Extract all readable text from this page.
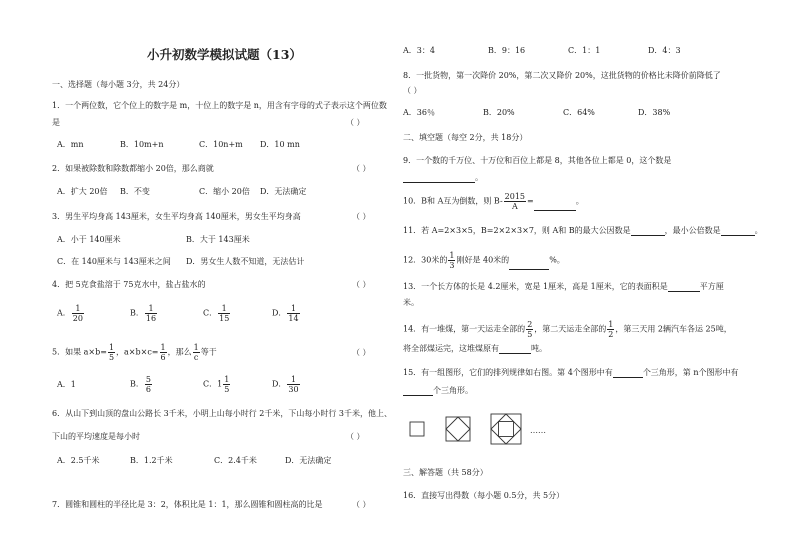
小升初数学模拟试题（13）
一、选择题（每小题 3分，共 24分）
1．一个两位数，它个位上的数字是 m，十位上的数字是 n，用含有字母的式子表示这个两位数
是	（ ）
A．mn	B．10m+n	C．10n+m D．10 mn
2．如果被除数和除数都缩小 20倍，那么商就	（ ）
A．扩大 20倍 B．不变	C．缩小 20倍 D．无法确定
3．男生平均身高 143厘米，女生平均身高 140厘米，男女生平均身高	（ ）
A．小于 140厘米	B．大于 143厘米
C．在 140厘米与 143厘米之间 D．男女生人数不知道，无法估计
4．把 5克食盐溶于 75克水中，盐占盐水的	（ ）
A． $\frac{1}{20}$	B． $\frac{1}{16}$	C． $\frac{1}{15}$	D． $\frac{1}{14}$
5．如果 $a\times b= \frac{1}{5}$ ，$a\times b\times c= \frac{1}{6}$ ，那么 $\frac{1}{c}$ 等于	（ ）
A．1	B． $\frac{5}{6}$	C．$1 \frac{1}{5}$	D． $\frac{1}{30}$
6．从山下到山顶的盘山公路长 3千米，小明上山每小时行 2千米，下山每小时行 3千米，他上、
下山的平均速度是每小时	（ ）
A．2.5千米	B．1.2千米	C．2.4千米	D．无法确定
7．圆锥和圆柱的半径比是 3：2，体积比是 1：1，那么圆锥和圆柱高的比是	（ ）
A．3：4	B．9：16	C．1：1	D．4：3
8．一批货物，第一次降价 20%，第二次又降价 20%，这批货物的价格比未降价前降低了
（ ）
A．36％	B．20%	C．64%	D．38%
二、填空题（每空 2分，共 18分）
9．一个数的千万位、十万位和百位上都是 8，其他各位上都是 0，这个数是
。
10．B和 A互为倒数，则 $B- \frac{2015}{A}$ =	。
11．若 A=2×3×5，B=2×2×3×7，则 A和 B的最大公因数是	，最小公倍数是	。
12．30米的 $\frac{1}{3}$ 刚好是 40米的	%。
13．一个长方体的长是 4.2厘米，宽是 1厘米，高是 1厘米，它的表面积是	平方厘
米。
14．有一堆煤，第一天运走全部的 $\frac{2}{5}$ ，第二天运走全部的 $\frac{1}{2}$ ，第三天用 2辆汽车各运 25吨，
将全部煤运完，这堆煤原有	吨。
15．有一组图形，它们的排列规律如右图。第 4个图形中有	个三角形，第 n个图形中有
个三角形。
……
三、解答题（共 58分）
16．直接写出得数（每小题 0.5分，共 5分）
